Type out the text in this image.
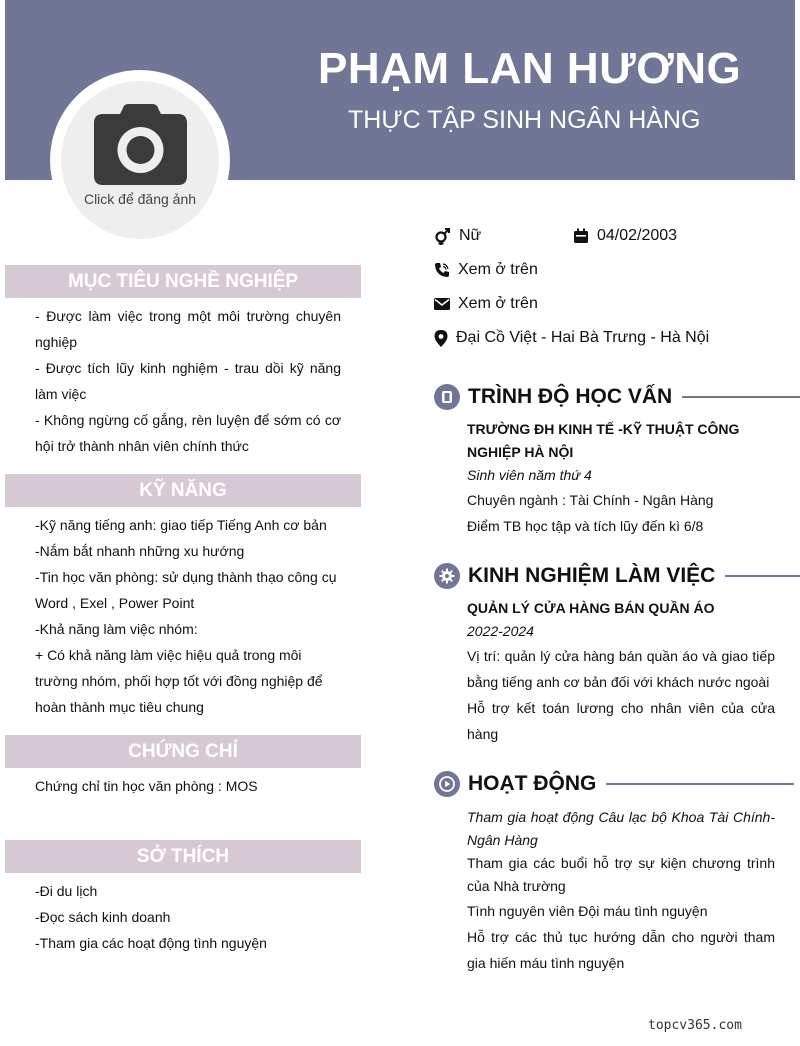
PHẠM LAN HƯƠNG
THỰC TẬP SINH NGÂN HÀNG
Click để đăng ảnh
Nữ	04/02/2003
Xem ở trên
Xem ở trên
Đại Cồ Việt - Hai Bà Trưng - Hà Nội
MỤC TIÊU NGHỀ NGHIỆP

- Được làm việc trong một môi trường chuyên nghiệp

- Được tích lũy kinh nghiệm - trau dồi kỹ năng làm việc

- Không ngừng cố gắng, rèn luyện để sớm có cơ hội trở thành nhân viên chính thức

KỸ NĂNG

-Kỹ năng tiếng anh: giao tiếp Tiếng Anh cơ bản

-Nắm bắt nhanh những xu hướng

-Tin học văn phòng: sử dụng thành thạo công cụ Word , Exel , Power Point

-Khả năng làm việc nhóm:

+ Có khả năng làm việc hiệu quả trong môi trường nhóm, phối hợp tốt với đồng nghiệp để hoàn thành mục tiêu chung

CHỨNG CHỈ

Chứng chỉ tin học văn phòng : MOS

SỞ THÍCH

-Đi du lịch

-Đọc sách kinh doanh

-Tham gia các hoạt động tình nguyện

TRÌNH ĐỘ HỌC VẤN

TRƯỜNG ĐH KINH TẾ -KỸ THUẬT CÔNG NGHIỆP HÀ NỘI

Sinh viên năm thứ 4

Chuyên ngành : Tài Chính - Ngân Hàng

Điểm TB học tập và tích lũy đến kì 6/8

KINH NGHIỆM LÀM VIỆC

QUẢN LÝ CỬA HÀNG BÁN QUẦN ÁO

2022-2024

Vị trí: quản lý cửa hàng bán quần áo và giao tiếp bằng tiếng anh cơ bản đối với khách nước ngoài

Hỗ trợ kết toán lương cho nhân viên của cửa hàng

HOẠT ĐỘNG

Tham gia hoạt động Câu lạc bộ Khoa Tài Chính- Ngân Hàng

Tham gia các buổi hỗ trợ sự kiện chương trình của Nhà trường

Tình nguyên viên Đội máu tình nguyện

Hỗ trợ các thủ tục hướng dẫn cho người tham gia hiến máu tình nguyện

topcv365.com
